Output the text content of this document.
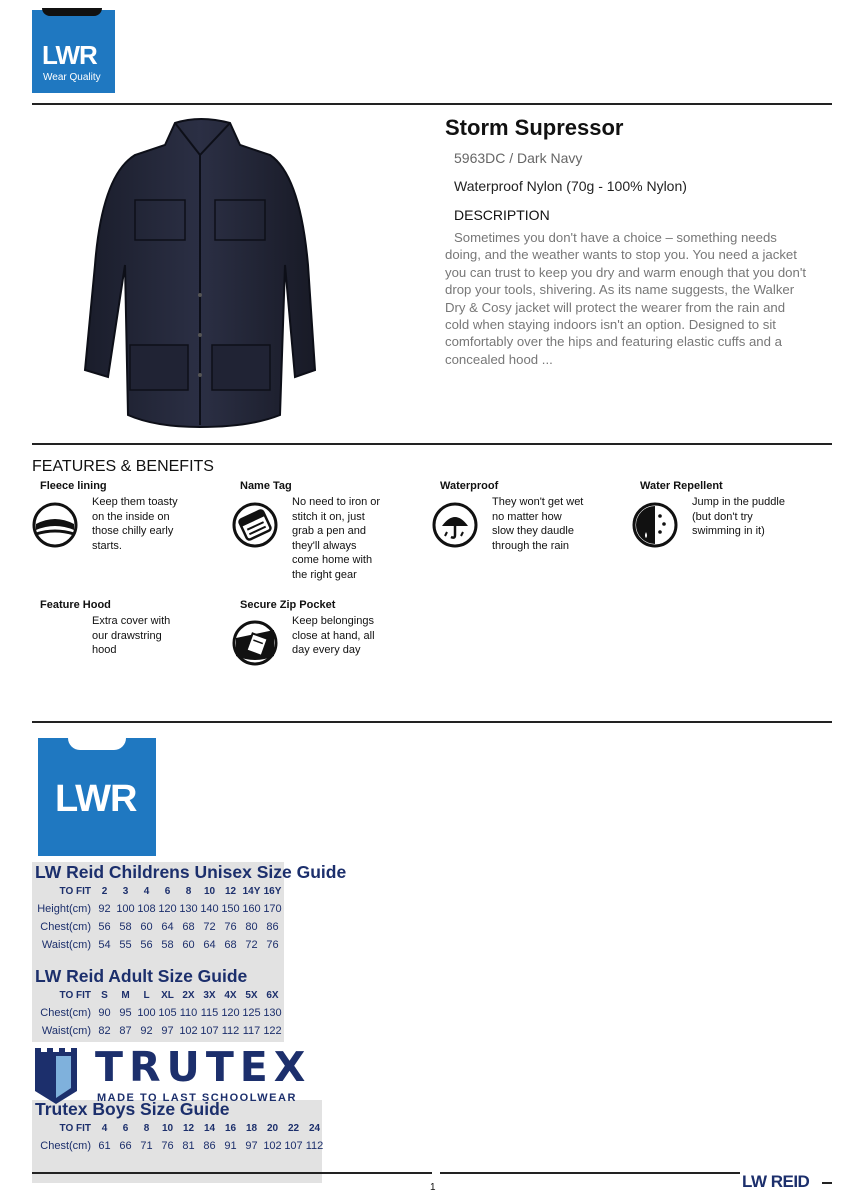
LWR
Wear Quality
Storm Supressor
5963DC / Dark Navy
Waterproof Nylon (70g - 100% Nylon)
DESCRIPTION
Sometimes you don't have a choice – something needs
doing, and the weather wants to stop you. You need a jacket
you can trust to keep you dry and warm enough that you don't
drop your tools, shivering. As its name suggests, the Walker
Dry & Cosy jacket will protect the wearer from the rain and
cold when staying indoors isn't an option. Designed to sit
comfortably over the hips and featuring elastic cuffs and a
concealed hood ...
FEATURES & BENEFITS
Fleece lining
Keep them toasty
on the inside on
those chilly early
starts.
Name Tag
No need to iron or
stitch it on, just
grab a pen and
they'll always
come home with
the right gear
Waterproof
They won't get wet
no matter how
slow they daudle
through the rain
Water Repellent
Jump in the puddle
(but don't try
swimming in it)
Feature Hood
Extra cover with
our drawstring
hood
Secure Zip Pocket
Keep belongings
close at hand, all
day every day
LWR
LW Reid Childrens Unisex Size Guide
TO FIT	2	3	4	6	8	10 12 14Y 16Y
Height(cm) 92 100 108 120 130 140 150 160 170
Chest(cm) 56 58 60 64 68 72 76 80 86
Waist(cm) 54 55 56 58 60 64 68 72 76
LW Reid Adult Size Guide
TO FIT	S	M	L	XL 2X 3X 4X 5X 6X
Chest(cm) 90 95 100 105 110 115 120 125 130
Waist(cm) 82 87 92 97 102 107 112 117 122
TRUTEX
MADE TO LAST SCHOOLWEAR
Trutex Boys Size Guide
TO FIT	4	6	8	10 12 14 16 18 20 22 24
Chest(cm) 61 66 71 76 81 86 91 97 102 107 112
1	LW REID
